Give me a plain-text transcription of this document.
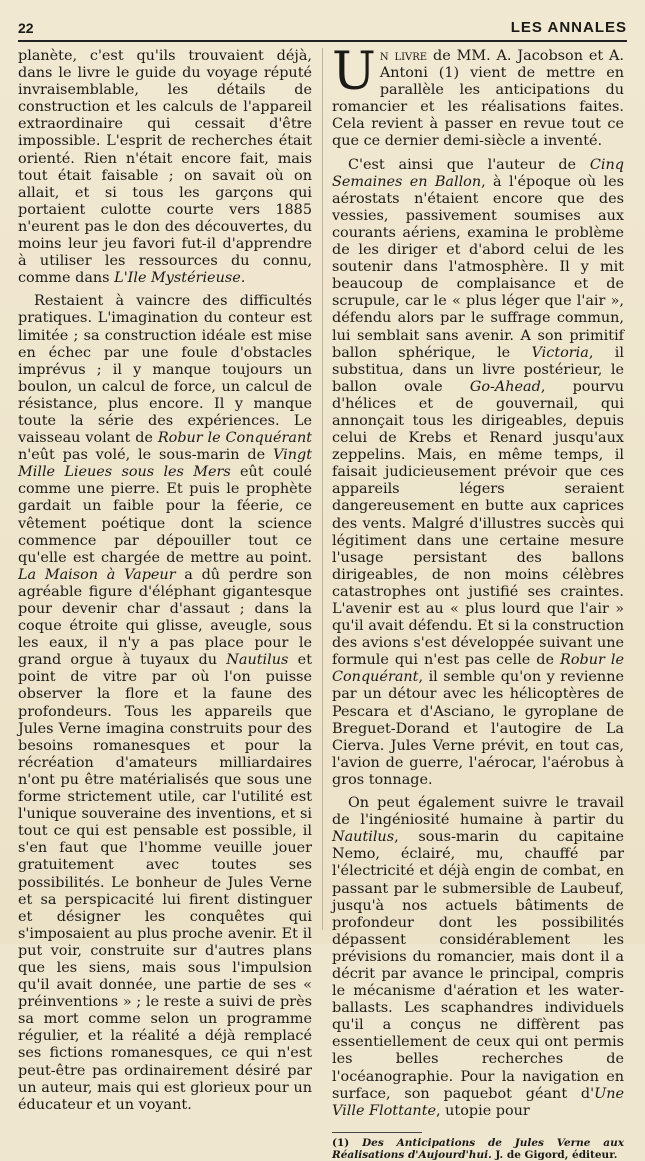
22	LES ANNALES

planète, c'est qu'ils trouvaient déjà, dans le livre le guide du voyage réputé invraisemblable, les détails de construction et les calculs de l'appareil extraordinaire qui cessait d'être impossible. L'esprit de recherches était orienté. Rien n'était encore fait, mais tout était faisable ; on savait où on allait, et si tous les garçons qui portaient culotte courte vers 1885 n'eurent pas le don des découvertes, du moins leur jeu favori fut-il d'apprendre à utiliser les ressources du connu, comme dans L'Ile Mystérieuse.

Restaient à vaincre des difficultés pratiques. L'imagination du conteur est limitée ; sa construction idéale est mise en échec par une foule d'obstacles imprévus ; il y manque toujours un boulon, un calcul de force, un calcul de résistance, plus encore. Il y manque toute la série des expériences. Le vaisseau volant de Robur le Conquérant n'eût pas volé, le sous-marin de Vingt Mille Lieues sous les Mers eût coulé comme une pierre. Et puis le prophète gardait un faible pour la féerie, ce vêtement poétique dont la science commence par dépouiller tout ce qu'elle est chargée de mettre au point. La Maison à Vapeur a dû perdre son agréable figure d'éléphant gigantesque pour devenir char d'assaut ; dans la coque étroite qui glisse, aveugle, sous les eaux, il n'y a pas place pour le grand orgue à tuyaux du Nautilus et point de vitre par où l'on puisse observer la flore et la faune des profondeurs. Tous les appareils que Jules Verne imagina construits pour des besoins romanesques et pour la récréation d'amateurs milliardaires n'ont pu être matérialisés que sous une forme strictement utile, car l'utilité est l'unique souveraine des inventions, et si tout ce qui est pensable est possible, il s'en faut que l'homme veuille jouer gratuitement avec toutes ses possibilités. Le bonheur de Jules Verne et sa perspicacité lui firent distinguer et désigner les conquêtes qui s'imposaient au plus proche avenir. Et il put voir, construite sur d'autres plans que les siens, mais sous l'impulsion qu'il avait donnée, une partie de ses « préinventions » ; le reste a suivi de près sa mort comme selon un programme régulier, et la réalité a déjà remplacé ses fictions romanesques, ce qui n'est peut-être pas ordinairement désiré par un auteur, mais qui est glorieux pour un éducateur et un voyant.

Un livre de MM. A. Jacobson et A. Antoni (1) vient de mettre en parallèle les anticipations du romancier et les réalisations faites. Cela revient à passer en revue tout ce que ce dernier demi-siècle a inventé.

C'est ainsi que l'auteur de Cinq Semaines en Ballon, à l'époque où les aérostats n'étaient encore que des vessies, passivement soumises aux courants aériens, examina le problème de les diriger et d'abord celui de les soutenir dans l'atmosphère. Il y mit beaucoup de complaisance et de scrupule, car le « plus léger que l'air », défendu alors par le suffrage commun, lui semblait sans avenir. A son primitif ballon sphérique, le Victoria, il substitua, dans un livre postérieur, le ballon ovale Go-Ahead, pourvu d'hélices et de gouvernail, qui annonçait tous les dirigeables, depuis celui de Krebs et Renard jusqu'aux zeppelins. Mais, en même temps, il faisait judicieusement prévoir que ces appareils légers seraient dangereusement en butte aux caprices des vents. Malgré d'illustres succès qui légitiment dans une certaine mesure l'usage persistant des ballons dirigeables, de non moins célèbres catastrophes ont justifié ses craintes. L'avenir est au « plus lourd que l'air » qu'il avait défendu. Et si la construction des avions s'est développée suivant une formule qui n'est pas celle de Robur le Conquérant, il semble qu'on y revienne par un détour avec les hélicoptères de Pescara et d'Asciano, le gyroplane de Breguet-Dorand et l'autogire de La Cierva. Jules Verne prévit, en tout cas, l'avion de guerre, l'aérocar, l'aérobus à gros tonnage.

On peut également suivre le travail de l'ingéniosité humaine à partir du Nautilus, sous-marin du capitaine Nemo, éclairé, mu, chauffé par l'électricité et déjà engin de combat, en passant par le submersible de Laubeuf, jusqu'à nos actuels bâtiments de profondeur dont les possibilités dépassent considérablement les prévisions du romancier, mais dont il a décrit par avance le principal, compris le mécanisme d'aération et les water-ballasts. Les scaphandres individuels qu'il a conçus ne diffèrent pas essentiellement de ceux qui ont permis les belles recherches de l'océanographie. Pour la navigation en surface, son paquebot géant d'Une Ville Flottante, utopie pour

(1) Des Anticipations de Jules Verne aux Réalisations d'Aujourd'hui. J. de Gigord, éditeur.
